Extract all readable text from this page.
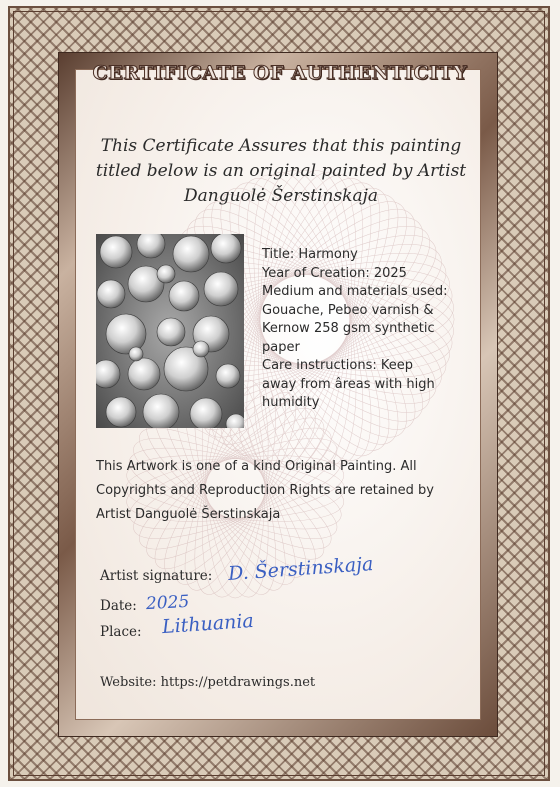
CERTIFICATE OF AUTHENTICITY
This Certificate Assures that this painting
titled below is an original painted by Artist
Danguolė Šerstinskaja
Title: Harmony
Year of Creation: 2025
Medium and materials used:
Gouache, Pebeo varnish &
Kernow 258 gsm synthetic
paper
Care instructions: Keep
away from âreas with high
humidity
This Artwork is one of a kind Original Painting. All
Copyrights and Reproduction Rights are retained by
Artist Danguolė Šerstinskaja
Artist signature: D. Šerstinskaja
Date: 2025
Place: Lithuania
Website: https://petdrawings.net
